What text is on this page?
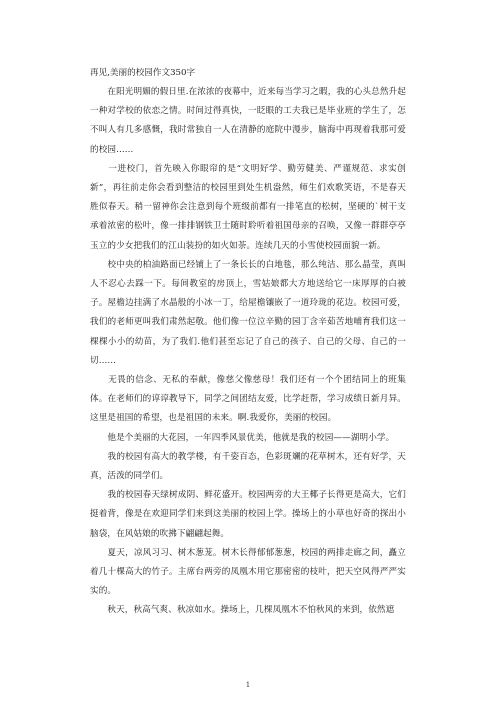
再见,美丽的校园作文350字

　　在阳光明媚的假日里.在浓浓的夜幕中，近来每当学习之暇，我的心头总然升起一种对学校的依恋之情。时间过得真快，一眨眼的工夫我已是毕业班的学生了，怎不叫人有几多感慨，我时常独自一人在清静的庭院中漫步，脑海中再现着我那可爱的校园……

　　一进校门，首先映入你眼帘的是“文明好学、勤劳健美、严谨规范、求实创新”，再往前走你会看到整洁的校园里到处生机盎然，师生们欢歌笑语，不是春天胜似春天。稍一留神你会注意到每个班级前都有一排笔直的松树，坚硬的`树干支承着浓密的松叶，像一排排钢铁卫士随时聆听着祖国母亲的召唤，又像一群群亭亭玉立的少女把我们的江山装扮的如火如荼。连续几天的小雪使校园面貌一新。

　　校中央的柏油路面已经铺上了一条长长的白地毯，那么纯洁、那么晶莹，真叫人不忍心去踩一下。每间教室的房顶上，雪姑娘都大方地送给它一床厚厚的白被子。屋檐边挂满了水晶般的小冰一丁，给屋檐镶嵌了一道玲珑的花边。校园可爱，我们的老师更叫我们肃然起敬。他们像一位泣辛勤的园丁含辛茹苦地哺育我们这一棵棵小小的幼苗，为了我们.他们甚至忘记了自己的孩子、自己的父母、自己的一切……

　　无畏的信念、无私的奉献，像慈父像慈母！我们还有一个个团结同上的班集体。在老师们的谆谆教导下，同学之间团结友爱，比学赶帮，学习成绩日新月异。这里是祖国的希望，也是祖国的未来。啊.我爱你，美丽的校园。

　　他是个美丽的大花园，一年四季风景优美，他就是我的校园——湖明小学。

　　我的校园有高大的教学楼，有千姿百态，色彩斑斓的花草树木，还有好学，天真，活泼的同学们。

　　我的校园春天绿树成阴、鲜花盛开。校园两旁的大王椰子长得更是高大，它们挺着背，像是在欢迎同学们来到这美丽的校园上学。操场上的小草也好奇的探出小脑袋，在风姑娘的吹拂下翩翩起舞。

　　夏天，凉风习习、树木葱茏。树木长得郁郁葱葱，校园的两排走廊之间，矗立着几十棵高大的竹子。主席台两旁的凤凰木用它那密密的枝叶，把天空风得严严实实的。

　　秋天，秋高气爽、秋凉如水。操场上，几棵凤凰木不怕秋风的来到，依然遮

1
